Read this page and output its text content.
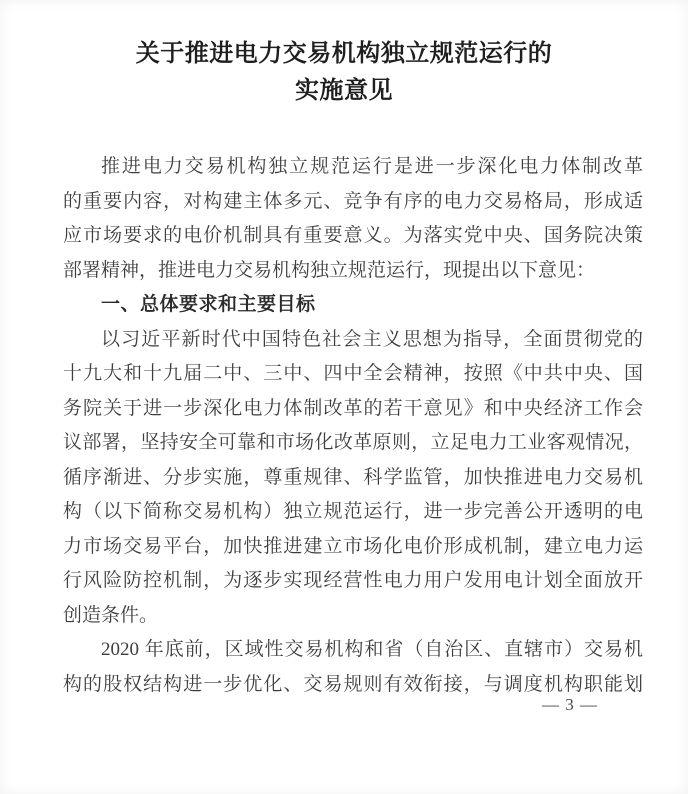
关于推进电力交易机构独立规范运行的
实施意见
推进电力交易机构独立规范运行是进一步深化电力体制改革
的重要内容，对构建主体多元、竞争有序的电力交易格局，形成适
应市场要求的电价机制具有重要意义。为落实党中央、国务院决策
部署精神，推进电力交易机构独立规范运行，现提出以下意见：
一、总体要求和主要目标
以习近平新时代中国特色社会主义思想为指导，全面贯彻党的
十九大和十九届二中、三中、四中全会精神，按照《中共中央、国
务院关于进一步深化电力体制改革的若干意见》和中央经济工作会
议部署，坚持安全可靠和市场化改革原则，立足电力工业客观情况，
循序渐进、分步实施，尊重规律、科学监管，加快推进电力交易机
构（以下简称交易机构）独立规范运行，进一步完善公开透明的电
力市场交易平台，加快推进建立市场化电价形成机制，建立电力运
行风险防控机制，为逐步实现经营性电力用户发用电计划全面放开
创造条件。
2020 年底前，区域性交易机构和省（自治区、直辖市）交易机
构的股权结构进一步优化、交易规则有效衔接，与调度机构职能划
— 3 —
